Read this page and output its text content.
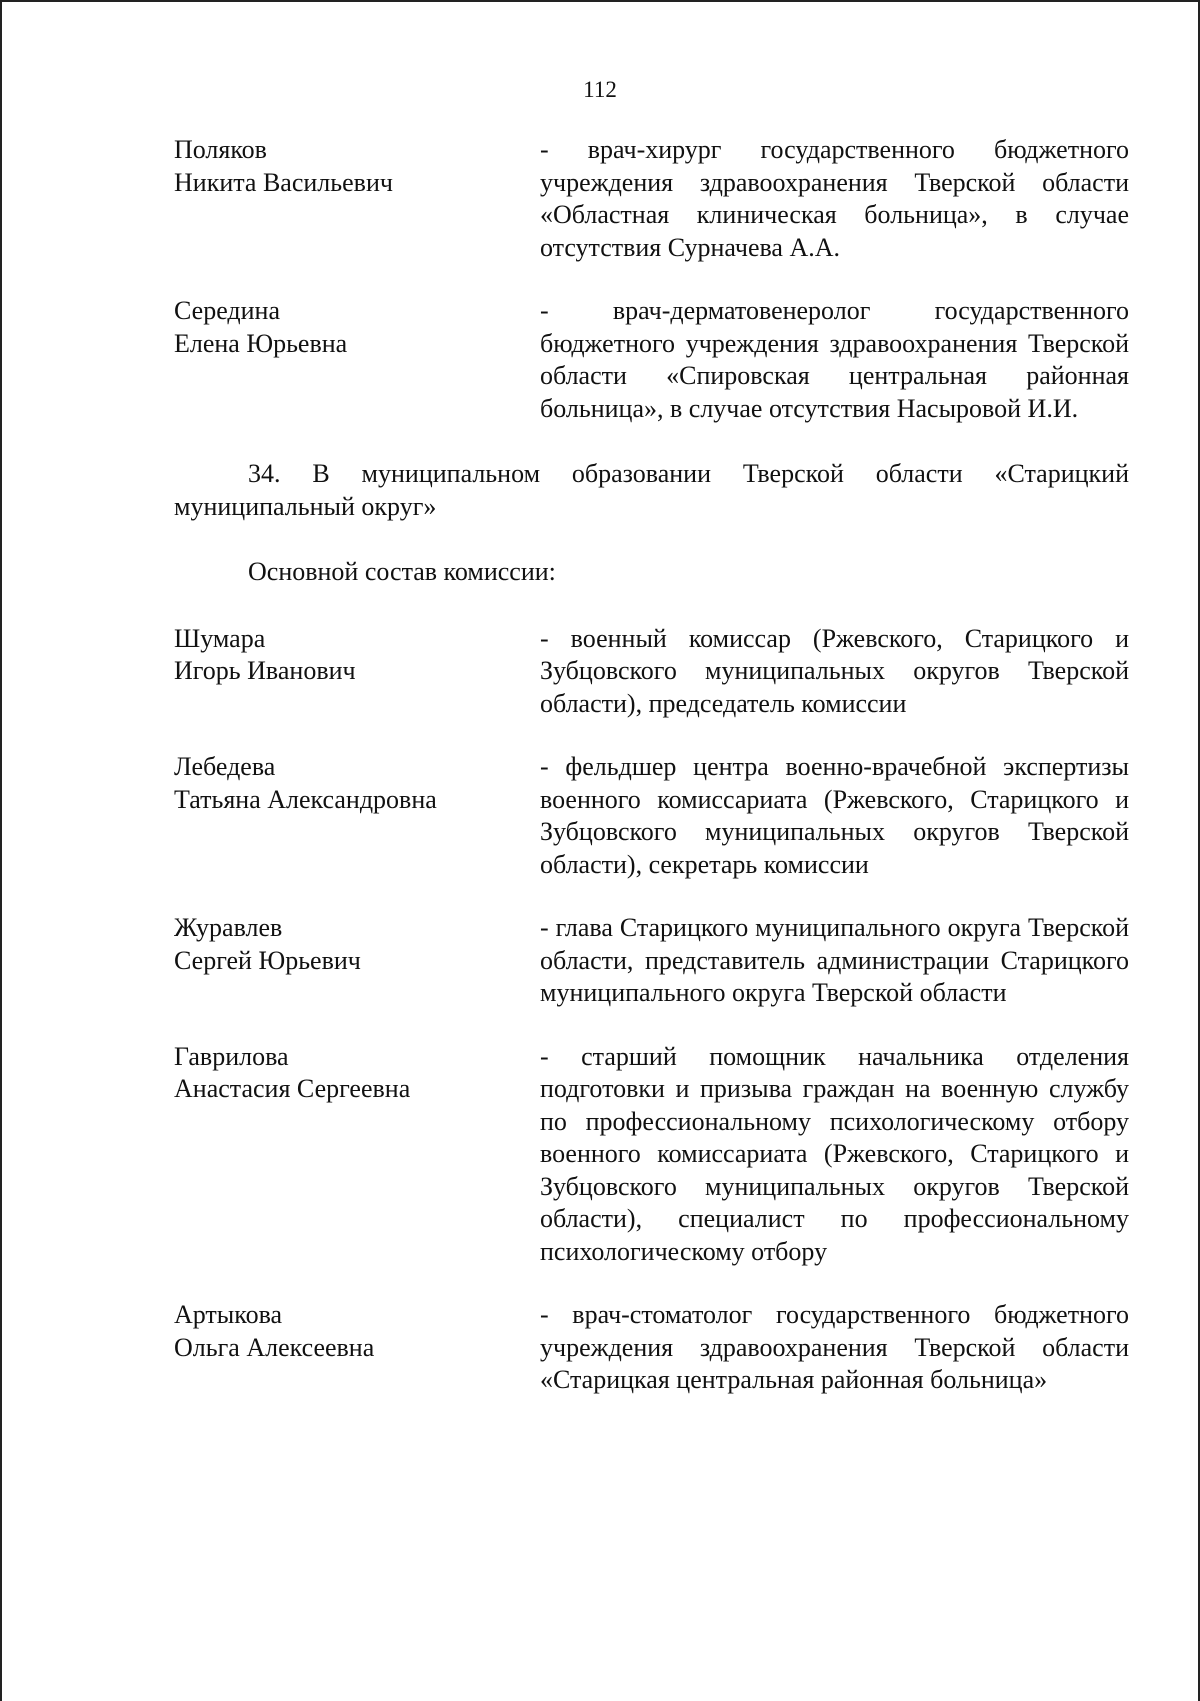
112
Поляков
Никита Васильевич
- врач-хирург государственного бюджетного учреждения здравоохранения Тверской области «Областная клиническая больница», в случае отсутствия Сурначева А.А.
Середина
Елена Юрьевна
- врач-дерматовенеролог государственного бюджетного учреждения здравоохранения Тверской области «Спировская центральная районная больница», в случае отсутствия Насыровой И.И.
34. В муниципальном образовании Тверской области «Старицкий муниципальный округ»
Основной состав комиссии:
Шумара
Игорь Иванович
- военный комиссар (Ржевского, Старицкого и Зубцовского муниципальных округов Тверской области), председатель комиссии
Лебедева
Татьяна Александровна
- фельдшер центра военно-врачебной экспертизы военного комиссариата (Ржевского, Старицкого и Зубцовского муниципальных округов Тверской области), секретарь комиссии
Журавлев
Сергей Юрьевич
- глава Старицкого муниципального округа Тверской области, представитель администрации Старицкого муниципального округа Тверской области
Гаврилова
Анастасия Сергеевна
- старший помощник начальника отделения подготовки и призыва граждан на военную службу по профессиональному психологическому отбору военного комиссариата (Ржевского, Старицкого и Зубцовского муниципальных округов Тверской области), специалист по профессиональному психологическому отбору
Артыкова
Ольга Алексеевна
- врач-стоматолог государственного бюджетного учреждения здравоохранения Тверской области «Старицкая центральная районная больница»
